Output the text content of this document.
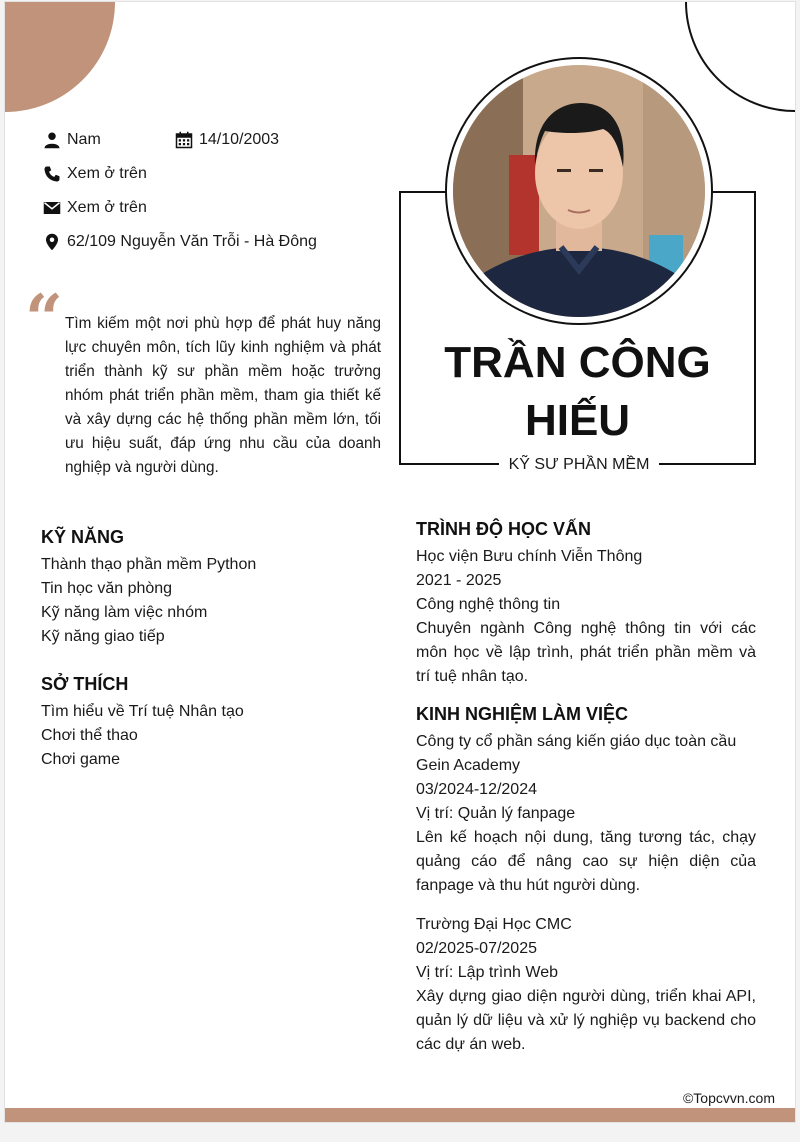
Nam	14/10/2003
Xem ở trên
Xem ở trên
62/109 Nguyễn Văn Trỗi - Hà Đông
“ Tìm kiếm một nơi phù hợp để phát huy năng lực chuyên môn, tích lũy kinh nghiệm và phát triển thành kỹ sư phần mềm hoặc trưởng nhóm phát triển phần mềm, tham gia thiết kế và xây dựng các hệ thống phần mềm lớn, tối ưu hiệu suất, đáp ứng nhu cầu của doanh nghiệp và người dùng.

TRẦN CÔNG
HIẾU
KỸ SƯ PHẦN MỀM
KỸ NĂNG
Thành thạo phần mềm Python
Tin học văn phòng
Kỹ năng làm việc nhóm
Kỹ năng giao tiếp
SỞ THÍCH
Tìm hiểu về Trí tuệ Nhân tạo
Chơi thể thao
Chơi game
TRÌNH ĐỘ HỌC VẤN
Học viện Bưu chính Viễn Thông
2021 - 2025
Công nghệ thông tin

Chuyên ngành Công nghệ thông tin với các môn học về lập trình, phát triển phần mềm và trí tuệ nhân tạo.

KINH NGHIỆM LÀM VIỆC
Công ty cổ phần sáng kiến giáo dục toàn cầu
Gein Academy
03/2024-12/2024
Vị trí: Quản lý fanpage

Lên kế hoạch nội dung, tăng tương tác, chạy quảng cáo để nâng cao sự hiện diện của fanpage và thu hút người dùng.

Trường Đại Học CMC
02/2025-07/2025
Vị trí: Lập trình Web

Xây dựng giao diện người dùng, triển khai API, quản lý dữ liệu và xử lý nghiệp vụ backend cho các dự án web.

©Topcvvn.com
